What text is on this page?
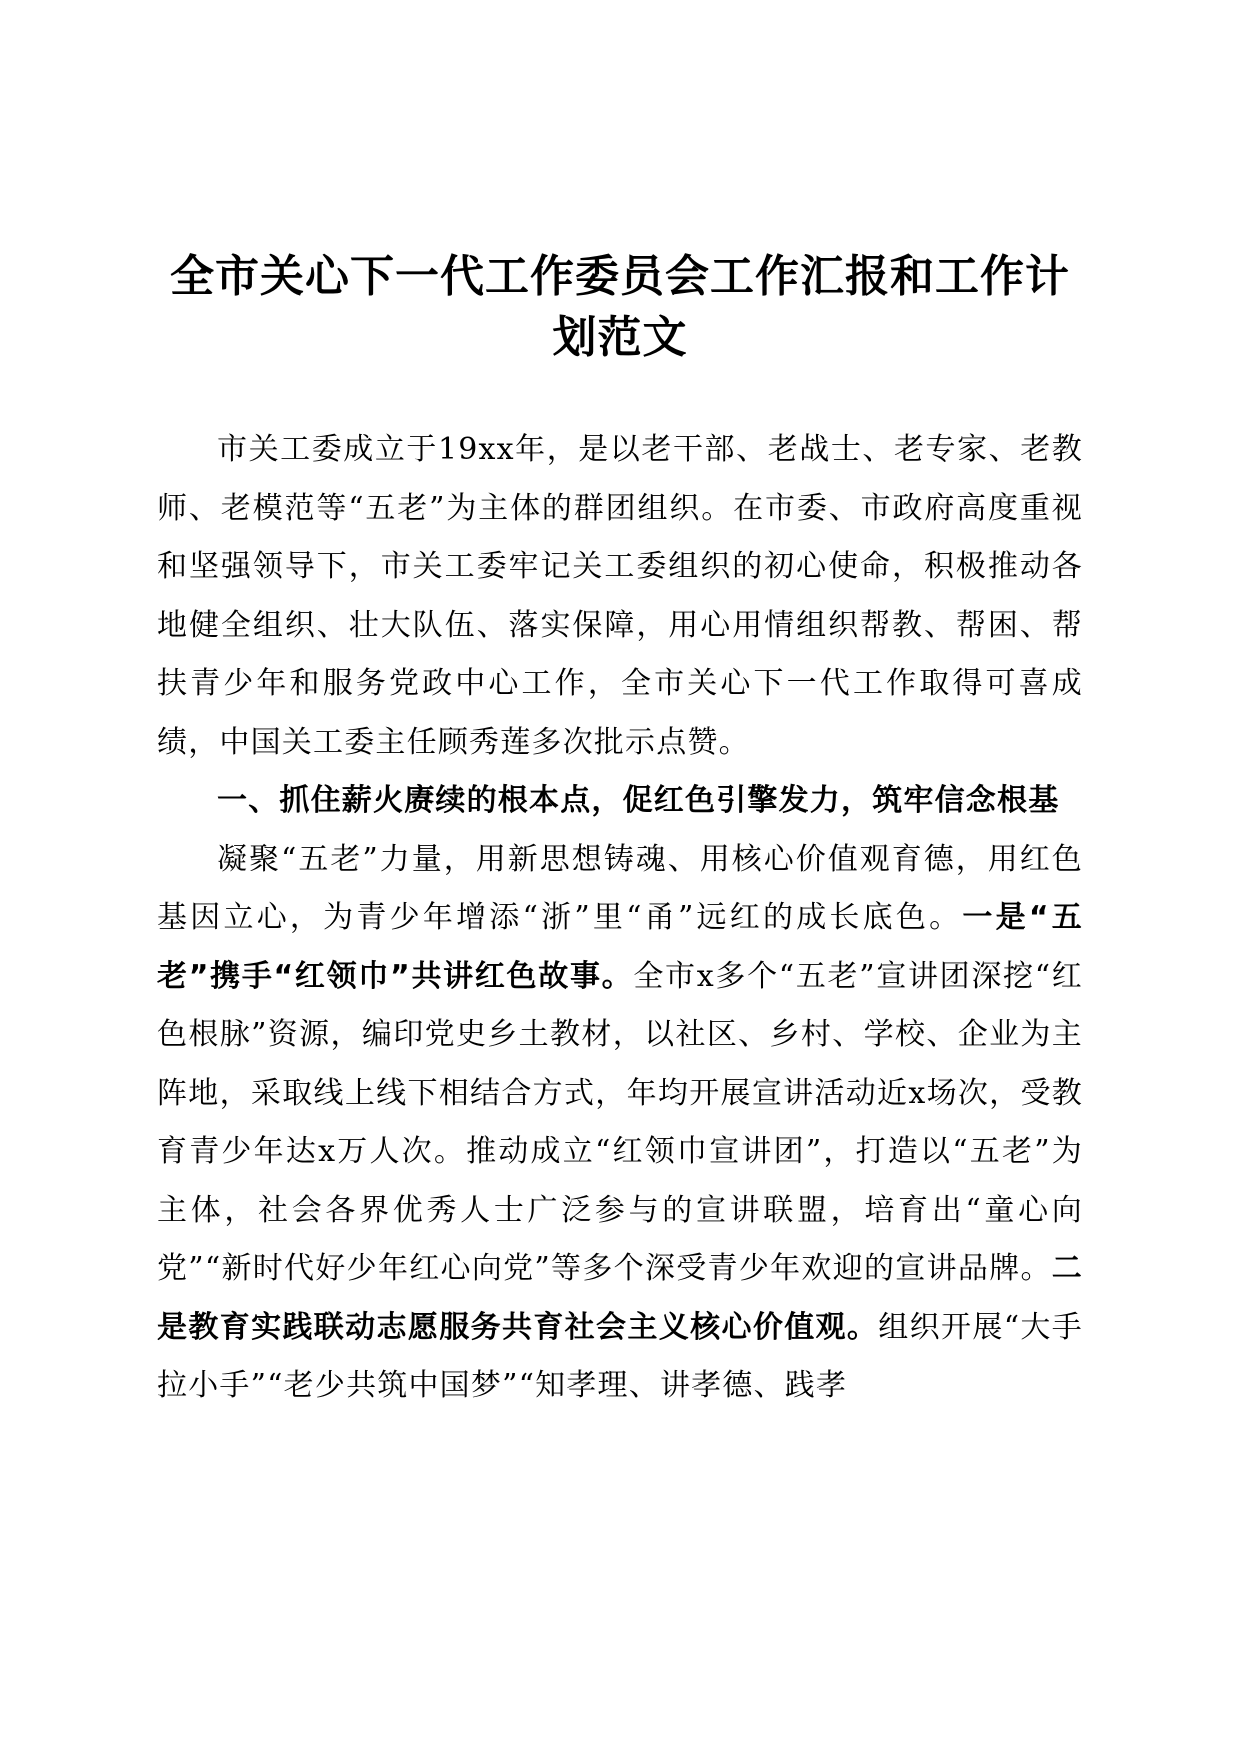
全市关心下一代工作委员会工作汇报和工作计划范文

市关工委成立于19xx年，是以老干部、老战士、老专家、老教师、老模范等“五老”为主体的群团组织。在市委、市政府高度重视和坚强领导下，市关工委牢记关工委组织的初心使命，积极推动各地健全组织、壮大队伍、落实保障，用心用情组织帮教、帮困、帮扶青少年和服务党政中心工作，全市关心下一代工作取得可喜成绩，中国关工委主任顾秀莲多次批示点赞。

一、抓住薪火赓续的根本点，促红色引擎发力，筑牢信念根基

凝聚“五老”力量，用新思想铸魂、用核心价值观育德，用红色基因立心，为青少年增添“浙”里“甬”远红的成长底色。一是“五老”携手“红领巾”共讲红色故事。全市x多个“五老”宣讲团深挖“红色根脉”资源，编印党史乡土教材，以社区、乡村、学校、企业为主阵地，采取线上线下相结合方式，年均开展宣讲活动近x场次，受教育青少年达x万人次。推动成立“红领巾宣讲团”，打造以“五老”为主体，社会各界优秀人士广泛参与的宣讲联盟，培育出“童心向党”“新时代好少年红心向党”等多个深受青少年欢迎的宣讲品牌。二是教育实践联动志愿服务共育社会主义核心价值观。组织开展“大手拉小手”“老少共筑中国梦”“知孝理、讲孝德、践孝
